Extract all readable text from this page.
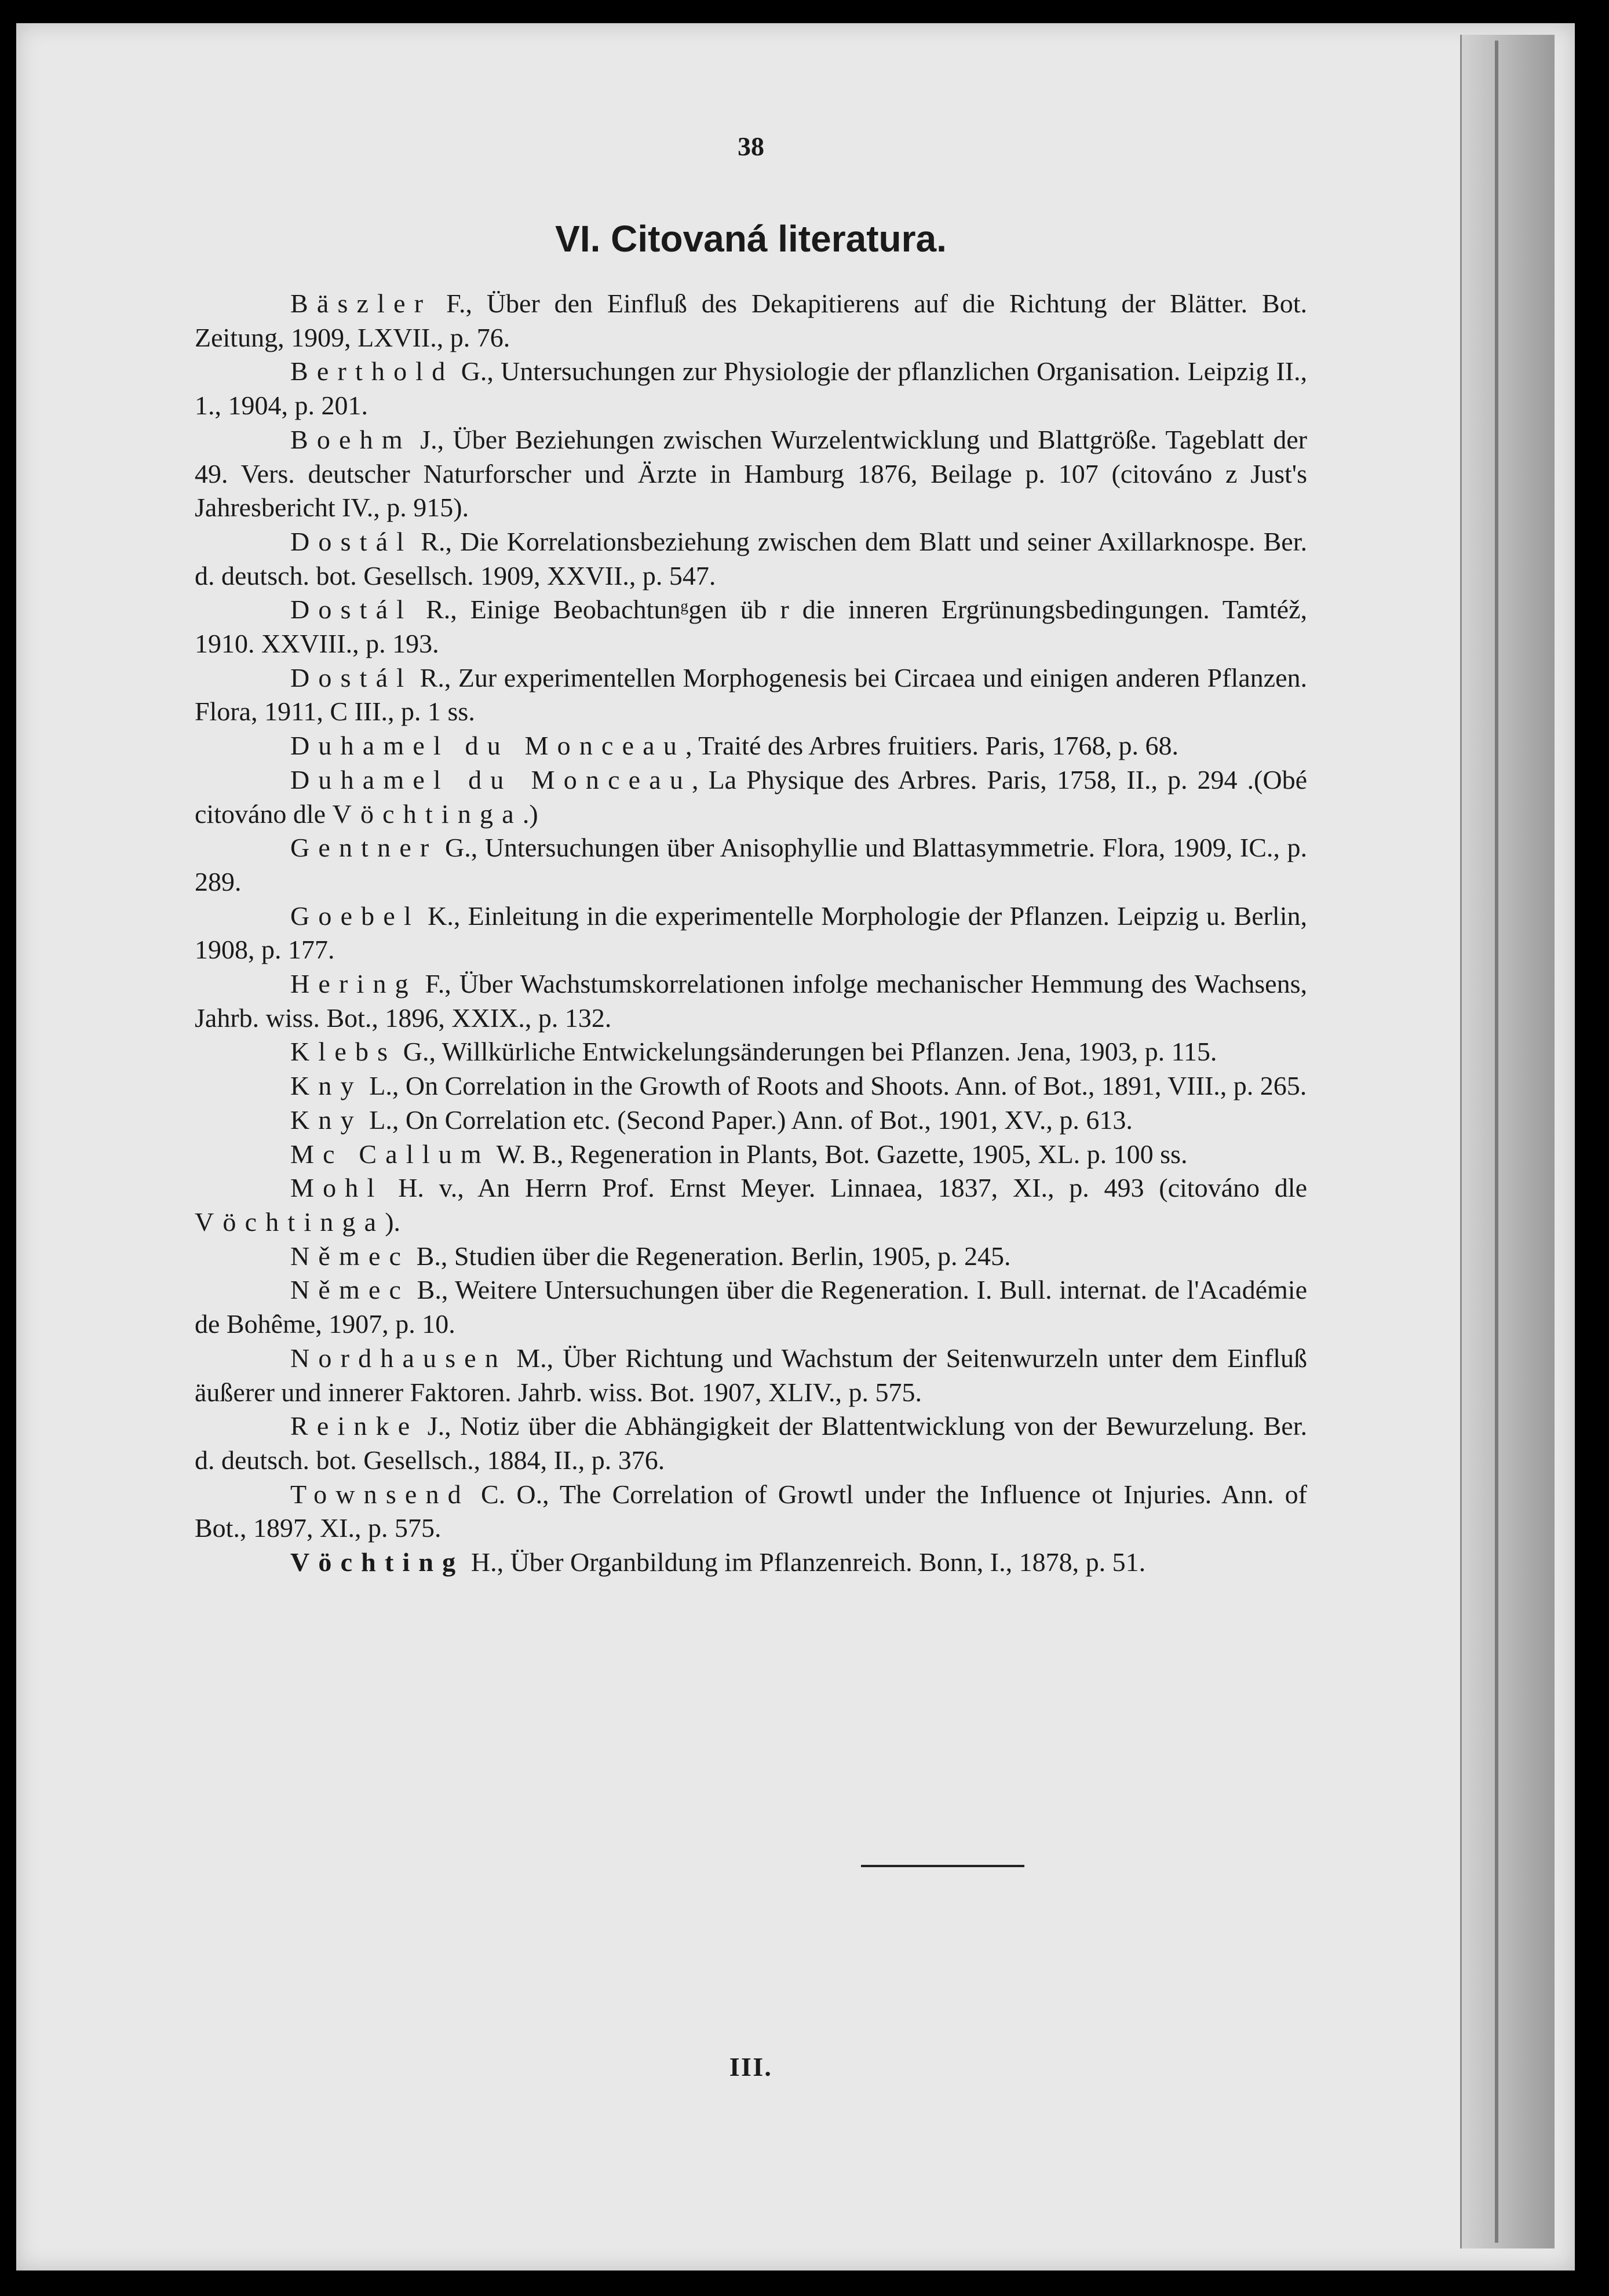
38
VI. Citovaná literatura.

Bäszler F., Über den Einfluß des Dekapitierens auf die Richtung der Blätter. Bot. Zeitung, 1909, LXVII., p. 76.

Berthold G., Untersuchungen zur Physiologie der pflanzlichen Organisation. Leipzig II., 1., 1904, p. 201.

Boehm J., Über Beziehungen zwischen Wurzelentwicklung und Blattgröße. Tageblatt der 49. Vers. deutscher Naturforscher und Ärzte in Hamburg 1876, Beilage p. 107 (citováno z Just's Jahresbericht IV., p. 915).

Dostál R., Die Korrelationsbeziehung zwischen dem Blatt und seiner Axillarknospe. Ber. d. deutsch. bot. Gesellsch. 1909, XXVII., p. 547.

Dostál R., Einige Beobachtunᵍgen üb r die inneren Ergrünungsbedingungen. Tamtéž, 1910. XXVIII., p. 193.

Dostál R., Zur experimentellen Morphogenesis bei Circaea und einigen anderen Pflanzen. Flora, 1911, C III., p. 1 ss.

Duhamel du Monceau, Traité des Arbres fruitiers. Paris, 1768, p. 68.

Duhamel du Monceau, La Physique des Arbres. Paris, 1758, II., p. 294 .(Obé citováno dle Vöchtinga.)

Gentner G., Untersuchungen über Anisophyllie und Blattasymmetrie. Flora, 1909, IC., p. 289.

Goebel K., Einleitung in die experimentelle Morphologie der Pflanzen. Leipzig u. Berlin, 1908, p. 177.

Hering F., Über Wachstumskorrelationen infolge mechanischer Hemmung des Wachsens, Jahrb. wiss. Bot., 1896, XXIX., p. 132.

Klebs G., Willkürliche Entwickelungsänderungen bei Pflanzen. Jena, 1903, p. 115.

Kny L., On Correlation in the Growth of Roots and Shoots. Ann. of Bot., 1891, VIII., p. 265.

Kny L., On Correlation etc. (Second Paper.) Ann. of Bot., 1901, XV., p. 613.

Mc Callum W. B., Regeneration in Plants, Bot. Gazette, 1905, XL. p. 100 ss.

Mohl H. v., An Herrn Prof. Ernst Meyer. Linnaea, 1837, XI., p. 493 (citováno dle Vöchtinga).

Němec B., Studien über die Regeneration. Berlin, 1905, p. 245.

Němec B., Weitere Untersuchungen über die Regeneration. I. Bull. internat. de l'Académie de Bohême, 1907, p. 10.

Nordhausen M., Über Richtung und Wachstum der Seitenwurzeln unter dem Einfluß äußerer und innerer Faktoren. Jahrb. wiss. Bot. 1907, XLIV., p. 575.

Reinke J., Notiz über die Abhängigkeit der Blattentwicklung von der Bewurzelung. Ber. d. deutsch. bot. Gesellsch., 1884, II., p. 376.

Townsend C. O., The Correlation of Growtl under the Influence ot Injuries. Ann. of Bot., 1897, XI., p. 575.

Vöchting H., Über Organbildung im Pflanzenreich. Bonn, I., 1878, p. 51.

III.
